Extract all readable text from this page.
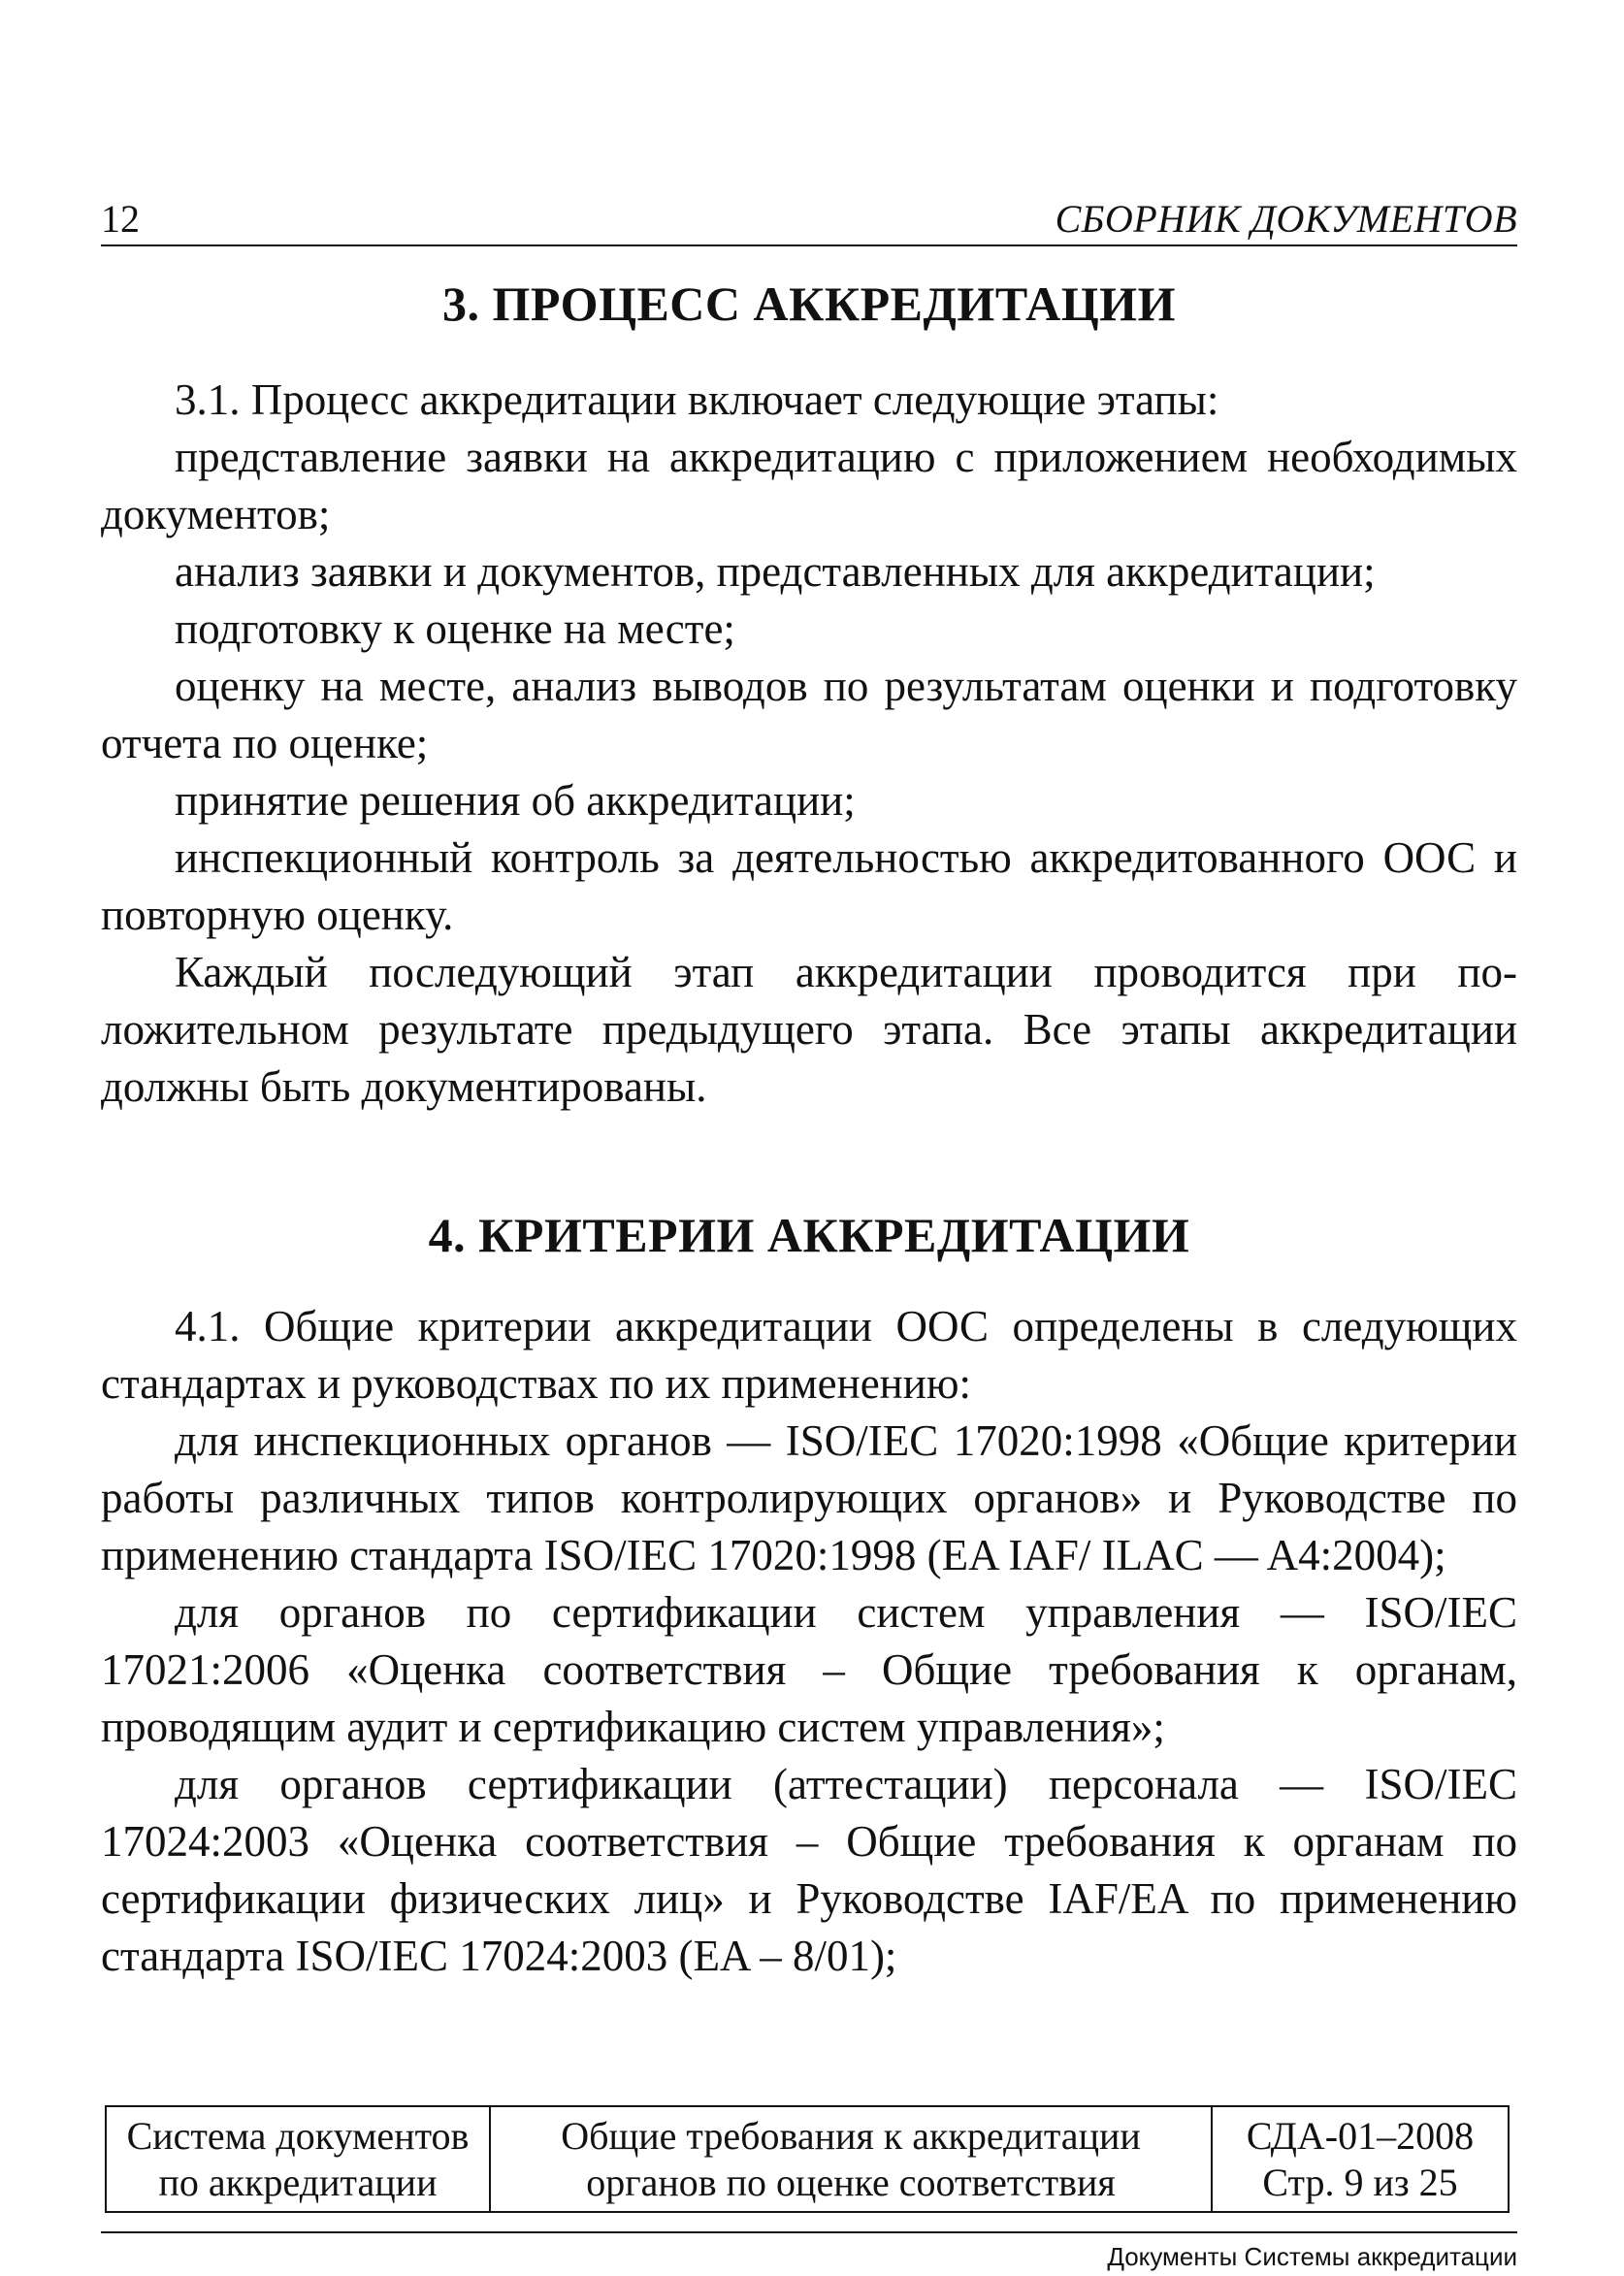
12	СБОРНИК ДОКУМЕНТОВ
3. ПРОЦЕСС АККРЕДИТАЦИИ

3.1. Процесс аккредитации включает следующие этапы:

представление заявки на аккредитацию с приложением необходимых документов;

анализ заявки и документов, представленных для аккредитации;

подготовку к оценке на месте;

оценку на месте, анализ выводов по результатам оценки и подготовку отчета по оценке;

принятие решения об аккредитации;

инспекционный контроль за деятельностью аккредитованного ООС и повторную оценку.

Каждый последующий этап аккредитации проводится при положительном результате предыдущего этапа. Все этапы аккредитации должны быть документированы.

4. КРИТЕРИИ АККРЕДИТАЦИИ

4.1. Общие критерии аккредитации ООС определены в следующих стандартах и руководствах по их применению:

для инспекционных органов — ISO/IEC 17020:1998 «Общие критерии работы различных типов контролирующих органов» и Руководстве по применению стандарта ISO/IEC 17020:1998 (EA IAF/ ILAC — A4:2004);

для органов по сертификации систем управления — ISO/IEC 17021:2006 «Оценка соответствия – Общие требования к органам, проводящим аудит и сертификацию систем управления»;

для органов сертификации (аттестации) персонала — ISO/IEC 17024:2003 «Оценка соответствия – Общие требования к органам по сертификации физических лиц» и Руководстве IAF/EA по применению стандарта ISO/IEC 17024:2003 (EA – 8/01);

Система документов
по аккредитации

Общие требования к аккредитации
органов по оценке соответствия

СДА-01–2008
Стр. 9 из 25
Документы Системы аккредитации
